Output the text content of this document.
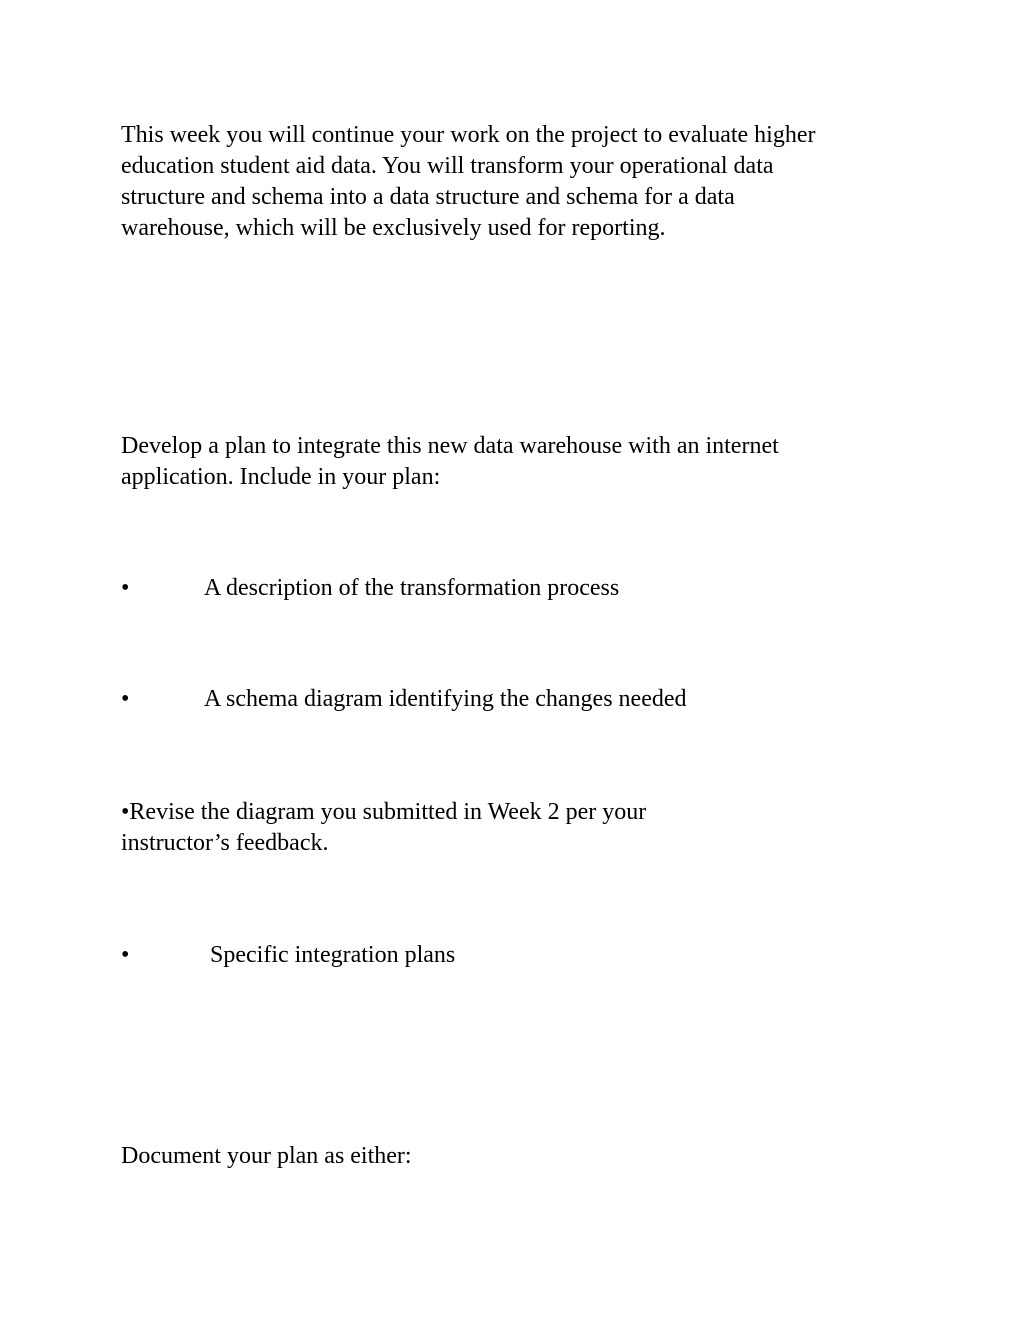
This week you will continue your work on the project to evaluate higher
education student aid data. You will transform your operational data
structure and schema into a data structure and schema for a data
warehouse, which will be exclusively used for reporting.

Develop a plan to integrate this new data warehouse with an internet
application. Include in your plan:

•	A description of the transformation process
•	A schema diagram identifying the changes needed

•Revise the diagram you submitted in Week 2 per your
instructor’s feedback.

•	Specific integration plans

Document your plan as either:
